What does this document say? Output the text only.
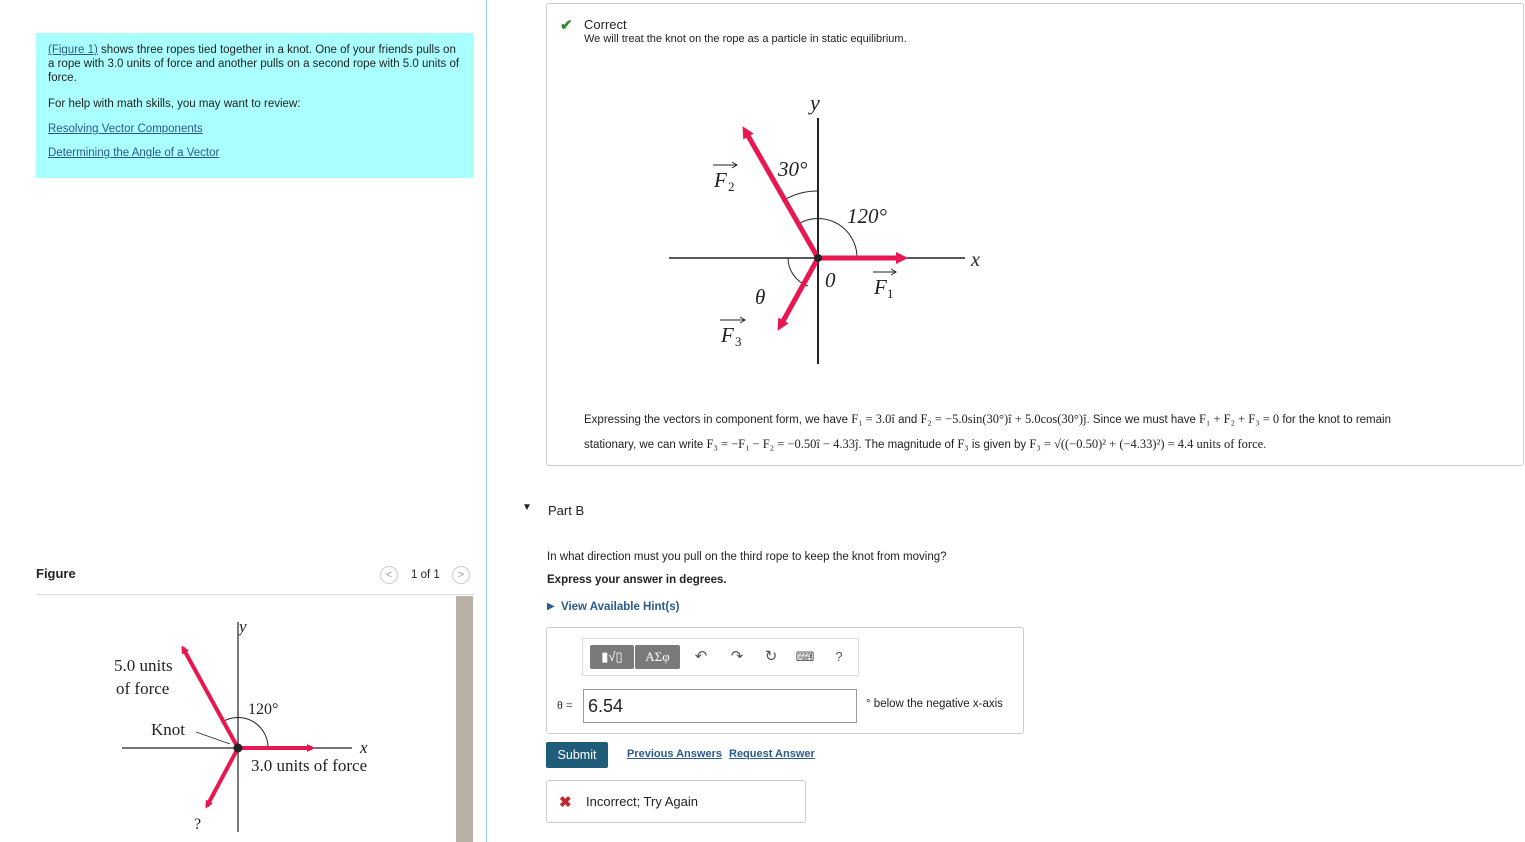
(Figure 1) shows three ropes tied together in a knot. One of your friends pulls on a rope with 3.0 units of force and another pulls on a second rope with 5.0 units of force.

For help with math skills, you may want to review:

Resolving Vector Components
Determining the Angle of a Vector
Figure	<	1 of 1	>
y
x
5.0 units
of force
Knot
120°
3.0 units of force
?
✔ Correct
We will treat the knot on the rope as a particle in static equilibrium.
y
x
30°
120°
θ
0 F 1
F 2
F 3
Expressing the vectors in component form, we have F₁ = 3.0î and F₂ = −5.0sin(30°)î + 5.0cos(30°)ĵ. Since we must have F₁ + F₂ + F₃ = 0 for the knot to remain
stationary, we can write F₃ = −F₁ − F₂ = −0.50î − 4.33ĵ. The magnitude of F₃ is given by F₃ = √((−0.50)² + (−4.33)²) = 4.4 units of force.
▼ Part B
In what direction must you pull on the third rope to keep the knot from moving?
Express your answer in degrees.
▶ View Available Hint(s)
▮√▯	ΑΣφ	↶ ↷ ↻ ⌨	?
θ =
6.54	° below the negative x-axis
Submit	Previous Answers Request Answer
✖ Incorrect; Try Again
